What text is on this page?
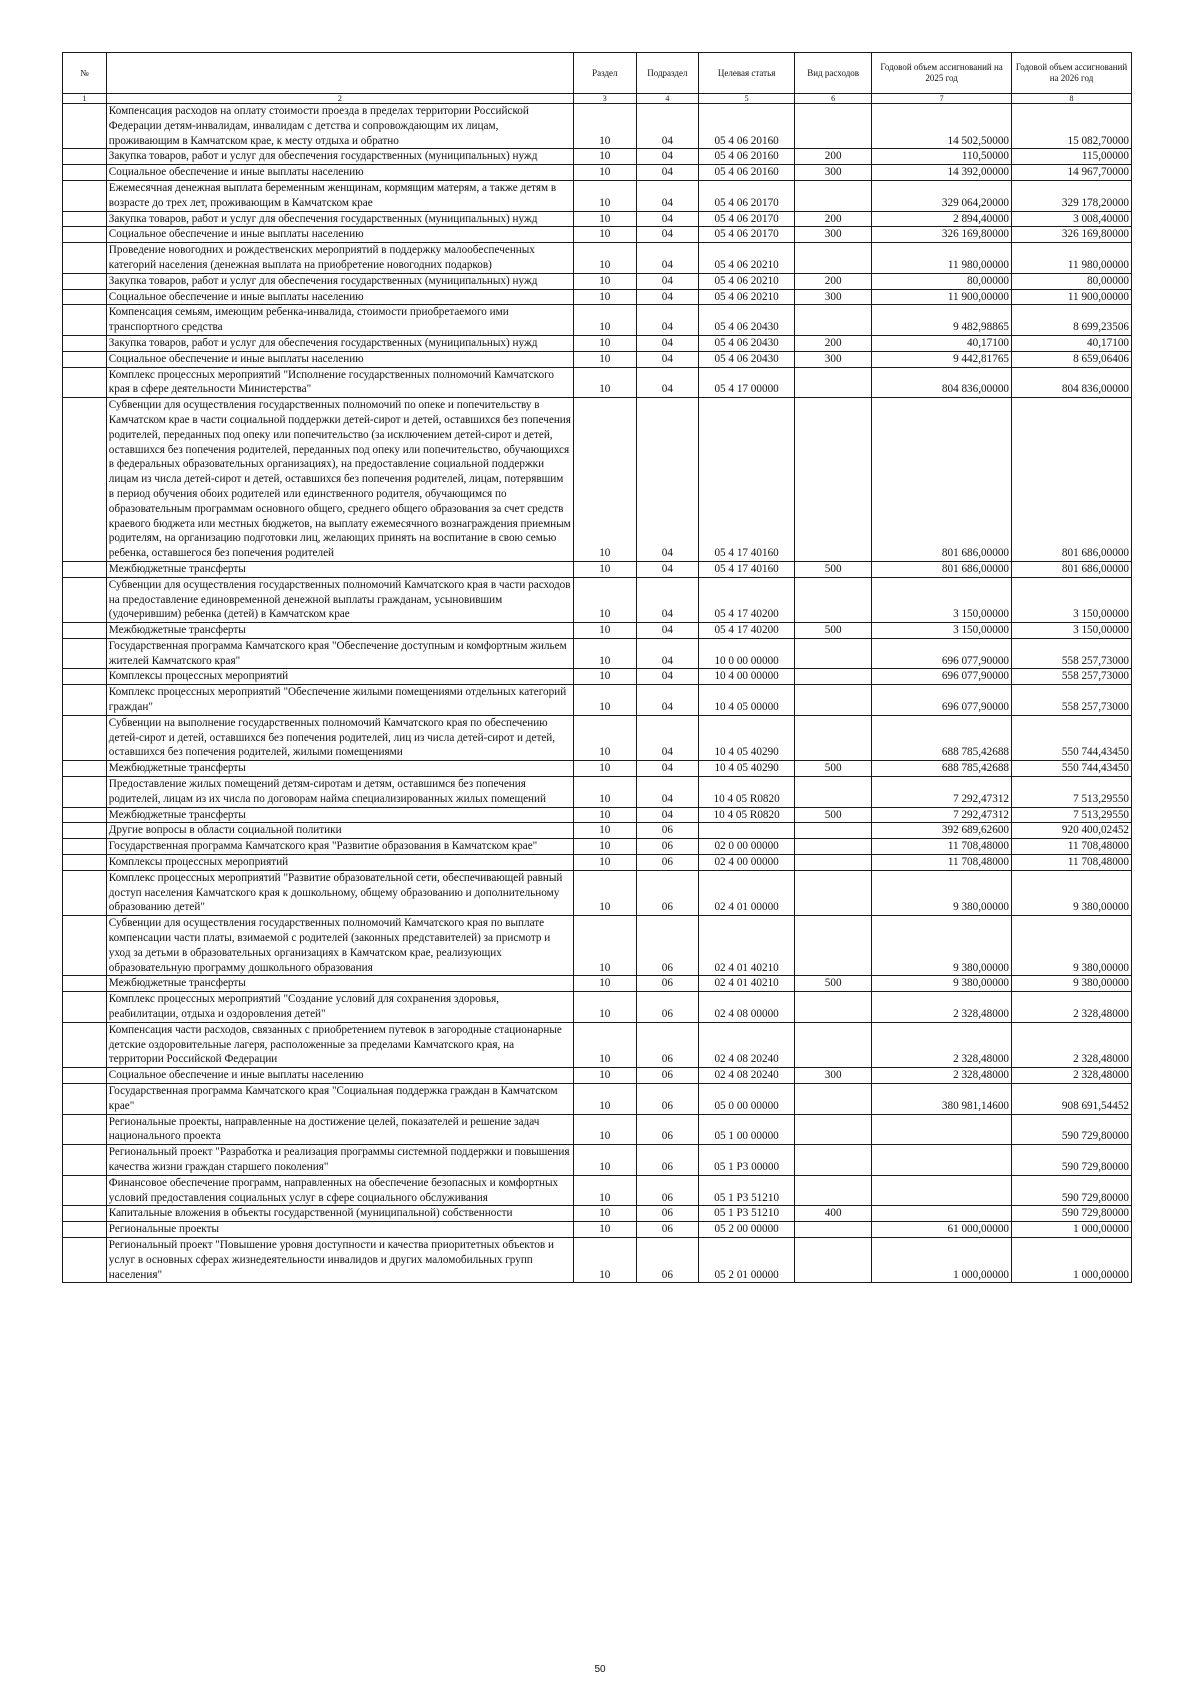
№		Раздел	Подраздел	Целевая статья	Вид расходов	Годовой объем ассигнований на 2025 год	Годовой объем ассигнований на 2026 год
1	2	3	4	5	6	7	8
	Компенсация расходов на оплату стоимости проезда в пределах территории Российской Федерации детям-инвалидам, инвалидам с детства и сопровождающим их лицам, проживающим в Камчатском крае, к месту отдыха и обратно	10	04	05 4 06 20160		14 502,50000	15 082,70000
	Закупка товаров, работ и услуг для обеспечения государственных (муниципальных) нужд	10	04	05 4 06 20160	200	110,50000	115,00000
	Социальное обеспечение и иные выплаты населению	10	04	05 4 06 20160	300	14 392,00000	14 967,70000
	Ежемесячная денежная выплата беременным женщинам, кормящим матерям, а также детям в возрасте до трех лет, проживающим в Камчатском крае	10	04	05 4 06 20170		329 064,20000	329 178,20000
	Закупка товаров, работ и услуг для обеспечения государственных (муниципальных) нужд	10	04	05 4 06 20170	200	2 894,40000	3 008,40000
	Социальное обеспечение и иные выплаты населению	10	04	05 4 06 20170	300	326 169,80000	326 169,80000
	Проведение новогодних и рождественских мероприятий в поддержку малообеспеченных категорий населения (денежная выплата на приобретение новогодних подарков)	10	04	05 4 06 20210		11 980,00000	11 980,00000
	Закупка товаров, работ и услуг для обеспечения государственных (муниципальных) нужд	10	04	05 4 06 20210	200	80,00000	80,00000
	Социальное обеспечение и иные выплаты населению	10	04	05 4 06 20210	300	11 900,00000	11 900,00000
	Компенсация семьям, имеющим ребенка-инвалида, стоимости приобретаемого ими транспортного средства	10	04	05 4 06 20430		9 482,98865	8 699,23506
	Закупка товаров, работ и услуг для обеспечения государственных (муниципальных) нужд	10	04	05 4 06 20430	200	40,17100	40,17100
	Социальное обеспечение и иные выплаты населению	10	04	05 4 06 20430	300	9 442,81765	8 659,06406
	Комплекс процессных мероприятий "Исполнение государственных полномочий Камчатского края в сфере деятельности Министерства"	10	04	05 4 17 00000		804 836,00000	804 836,00000
	Субвенции для осуществления государственных полномочий по опеке и попечительству в Камчатском крае в части социальной поддержки детей-сирот и детей, оставшихся без попечения родителей, переданных под опеку или попечительство (за исключением детей-сирот и детей, оставшихся без попечения родителей, переданных под опеку или попечительство, обучающихся в федеральных образовательных организациях), на предоставление социальной поддержки лицам из числа детей-сирот и детей, оставшихся без попечения родителей, лицам, потерявшим в период обучения обоих родителей или единственного родителя, обучающимся по образовательным программам основного общего, среднего общего образования за счет средств краевого бюджета или местных бюджетов, на выплату ежемесячного вознаграждения приемным родителям, на организацию подготовки лиц, желающих принять на воспитание в свою семью ребенка, оставшегося без попечения родителей	10	04	05 4 17 40160		801 686,00000	801 686,00000
	Межбюджетные трансферты	10	04	05 4 17 40160	500	801 686,00000	801 686,00000
	Субвенции для осуществления государственных полномочий Камчатского края в части расходов на предоставление единовременной денежной выплаты гражданам, усыновившим (удочерившим) ребенка (детей) в Камчатском крае	10	04	05 4 17 40200		3 150,00000	3 150,00000
	Межбюджетные трансферты	10	04	05 4 17 40200	500	3 150,00000	3 150,00000
	Государственная программа Камчатского края "Обеспечение доступным и комфортным жильем жителей Камчатского края"	10	04	10 0 00 00000		696 077,90000	558 257,73000
	Комплексы процессных мероприятий	10	04	10 4 00 00000		696 077,90000	558 257,73000
	Комплекс процессных мероприятий "Обеспечение жилыми помещениями отдельных категорий граждан"	10	04	10 4 05 00000		696 077,90000	558 257,73000
	Субвенции на выполнение государственных полномочий Камчатского края по обеспечению детей-сирот и детей, оставшихся без попечения родителей, лиц из числа детей-сирот и детей, оставшихся без попечения родителей, жилыми помещениями	10	04	10 4 05 40290		688 785,42688	550 744,43450
	Межбюджетные трансферты	10	04	10 4 05 40290	500	688 785,42688	550 744,43450
	Предоставление жилых помещений детям-сиротам и детям, оставшимся без попечения родителей, лицам из их числа по договорам найма специализированных жилых помещений	10	04	10 4 05 R0820		7 292,47312	7 513,29550
	Межбюджетные трансферты	10	04	10 4 05 R0820	500	7 292,47312	7 513,29550
	Другие вопросы в области социальной политики	10	06			392 689,62600	920 400,02452
	Государственная программа Камчатского края "Развитие образования в Камчатском крае"	10	06	02 0 00 00000		11 708,48000	11 708,48000
	Комплексы процессных мероприятий	10	06	02 4 00 00000		11 708,48000	11 708,48000
	Комплекс процессных мероприятий "Развитие образовательной сети, обеспечивающей равный доступ населения Камчатского края к дошкольному, общему образованию и дополнительному образованию детей"	10	06	02 4 01 00000		9 380,00000	9 380,00000
	Субвенции для осуществления государственных полномочий Камчатского края по выплате компенсации части платы, взимаемой с родителей (законных представителей) за присмотр и уход за детьми в образовательных организациях в Камчатском крае, реализующих образовательную программу дошкольного образования	10	06	02 4 01 40210		9 380,00000	9 380,00000
	Межбюджетные трансферты	10	06	02 4 01 40210	500	9 380,00000	9 380,00000
	Комплекс процессных мероприятий "Создание условий для сохранения здоровья, реабилитации, отдыха и оздоровления детей"	10	06	02 4 08 00000		2 328,48000	2 328,48000
	Компенсация части расходов, связанных с приобретением путевок в загородные стационарные детские оздоровительные лагеря, расположенные за пределами Камчатского края, на территории Российской Федерации	10	06	02 4 08 20240		2 328,48000	2 328,48000
	Социальное обеспечение и иные выплаты населению	10	06	02 4 08 20240	300	2 328,48000	2 328,48000
	Государственная программа Камчатского края "Социальная поддержка граждан в Камчатском крае"	10	06	05 0 00 00000		380 981,14600	908 691,54452
	Региональные проекты, направленные на достижение целей, показателей и решение задач национального проекта	10	06	05 1 00 00000			590 729,80000
	Региональный проект "Разработка и реализация программы системной поддержки и повышения качества жизни граждан старшего поколения"	10	06	05 1 P3 00000			590 729,80000
	Финансовое обеспечение программ, направленных на обеспечение безопасных и комфортных условий предоставления социальных услуг в сфере социального обслуживания	10	06	05 1 P3 51210			590 729,80000
	Капитальные вложения в объекты государственной (муниципальной) собственности	10	06	05 1 P3 51210	400		590 729,80000
	Региональные проекты	10	06	05 2 00 00000		61 000,00000	1 000,00000
	Региональный проект "Повышение уровня доступности и качества приоритетных объектов и услуг в основных сферах жизнедеятельности инвалидов и других маломобильных групп населения"	10	06	05 2 01 00000		1 000,00000	1 000,00000
50
